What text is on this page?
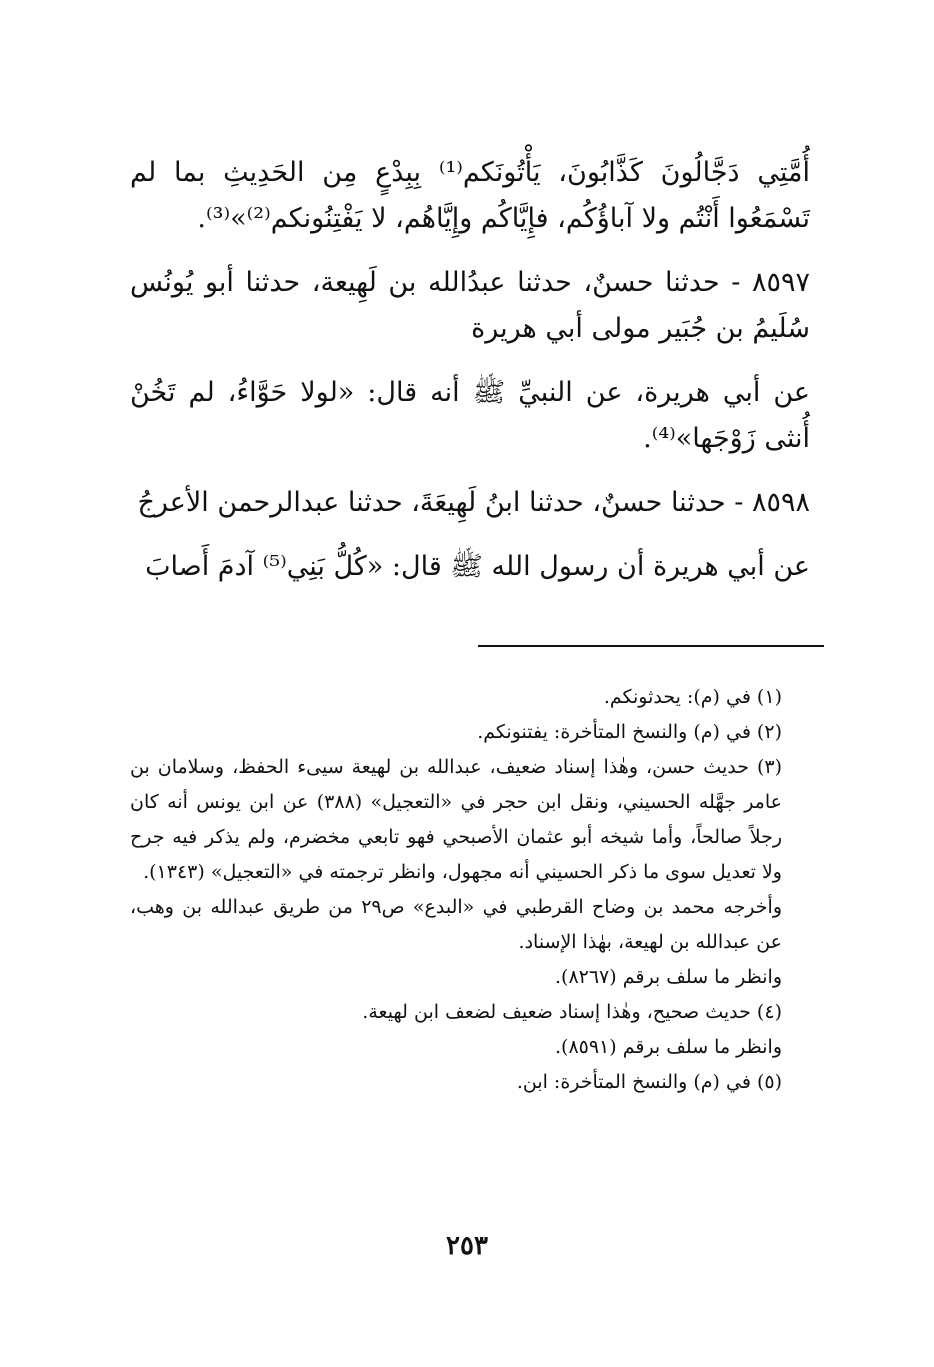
أُمَّتِي دَجَّالُونَ كَذَّابُونَ، يَأْتُونَكم⁽¹⁾ بِبِدْعٍ مِن الحَدِيثِ بما لم تَسْمَعُوا أَنْتُم ولا آباؤُكُم، فإِيَّاكُم وإِيَّاهُم، لا يَفْتِنُونكم⁽²⁾»⁽³⁾.

٨٥٩٧ - حدثنا حسنٌ، حدثنا عبدُالله بن لَهِيعة، حدثنا أبو يُونُس سُلَيمُ بن جُبَير مولى أبي هريرة

عن أبي هريرة، عن النبيِّ ﷺ أنه قال: «لولا حَوَّاءُ، لم تَخُنْ أُنثى زَوْجَها»⁽⁴⁾.

٨٥٩٨ - حدثنا حسنٌ، حدثنا ابنُ لَهِيعَةَ، حدثنا عبدالرحمن الأعرجُ

عن أبي هريرة أن رسول الله ﷺ قال: «كُلُّ بَنِي⁽⁵⁾ آدمَ أَصابَ

(١) في (م): يحدثونكم.

(٢) في (م) والنسخ المتأخرة: يفتنونكم.

(٣) حديث حسن، وهٰذا إسناد ضعيف، عبدالله بن لهيعة سيىء الحفظ، وسلامان بن عامر جهَّله الحسيني، ونقل ابن حجر في «التعجيل» (٣٨٨) عن ابن يونس أنه كان رجلاً صالحاً، وأما شيخه أبو عثمان الأصبحي فهو تابعي مخضرم، ولم يذكر فيه جرح ولا تعديل سوى ما ذكر الحسيني أنه مجهول، وانظر ترجمته في «التعجيل» (١٣٤٣).

وأخرجه محمد بن وضاح القرطبي في «البدع» ص٢٩ من طريق عبدالله بن وهب، عن عبدالله بن لهيعة، بهٰذا الإسناد.

وانظر ما سلف برقم (٨٢٦٧).

(٤) حديث صحيح، وهٰذا إسناد ضعيف لضعف ابن لهيعة.

وانظر ما سلف برقم (٨٥٩١).

(٥) في (م) والنسخ المتأخرة: ابن.

٢٥٣
